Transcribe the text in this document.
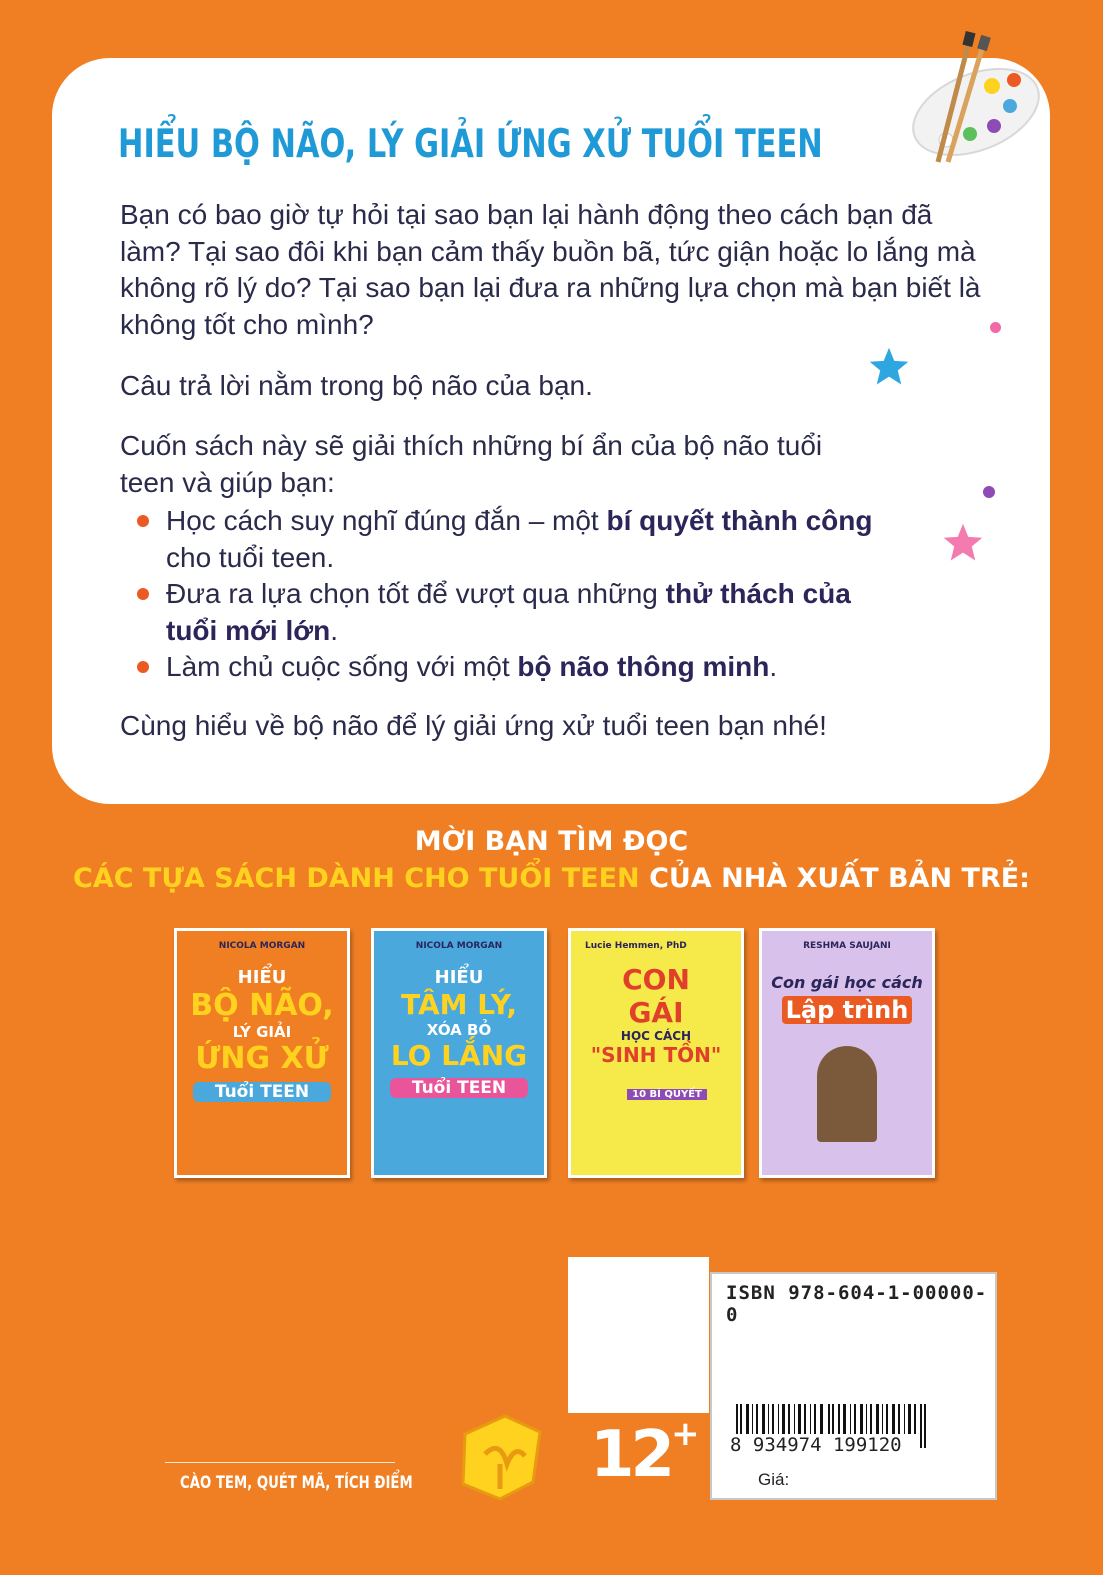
HIỂU BỘ NÃO, LÝ GIẢI ỨNG XỬ TUỔI TEEN

Bạn có bao giờ tự hỏi tại sao bạn lại hành động theo cách bạn đã làm? Tại sao đôi khi bạn cảm thấy buồn bã, tức giận hoặc lo lắng mà không rõ lý do? Tại sao bạn lại đưa ra những lựa chọn mà bạn biết là không tốt cho mình?

Câu trả lời nằm trong bộ não của bạn.

Cuốn sách này sẽ giải thích những bí ẩn của bộ não tuổi teen và giúp bạn:

Học cách suy nghĩ đúng đắn – một bí quyết thành công cho tuổi teen.
Đưa ra lựa chọn tốt để vượt qua những thử thách của tuổi mới lớn.
Làm chủ cuộc sống với một bộ não thông minh.

Cùng hiểu về bộ não để lý giải ứng xử tuổi teen bạn nhé!

MỜI BẠN TÌM ĐỌC
CÁC TỰA SÁCH DÀNH CHO TUỔI TEEN CỦA NHÀ XUẤT BẢN TRẺ:
NICOLA MORGAN
HIỂU
BỘ NÃO,
LÝ GIẢI
ỨNG XỬ
Tuổi TEEN
NICOLA MORGAN
HIỂU
TÂM LÝ,
XÓA BỎ
LO LẮNG
Tuổi TEEN
Lucie Hemmen, PhD
CON
GÁI
HỌC CÁCH
"SINH TỒN"
10 BÍ QUYẾT
RESHMA SAUJANI
Con gái học cách
Lập trình
ISBN 978-604-1-00000-0
8 934974 199120
Giá:
12+
CÀO TEM, QUÉT MÃ, TÍCH ĐIỂM
